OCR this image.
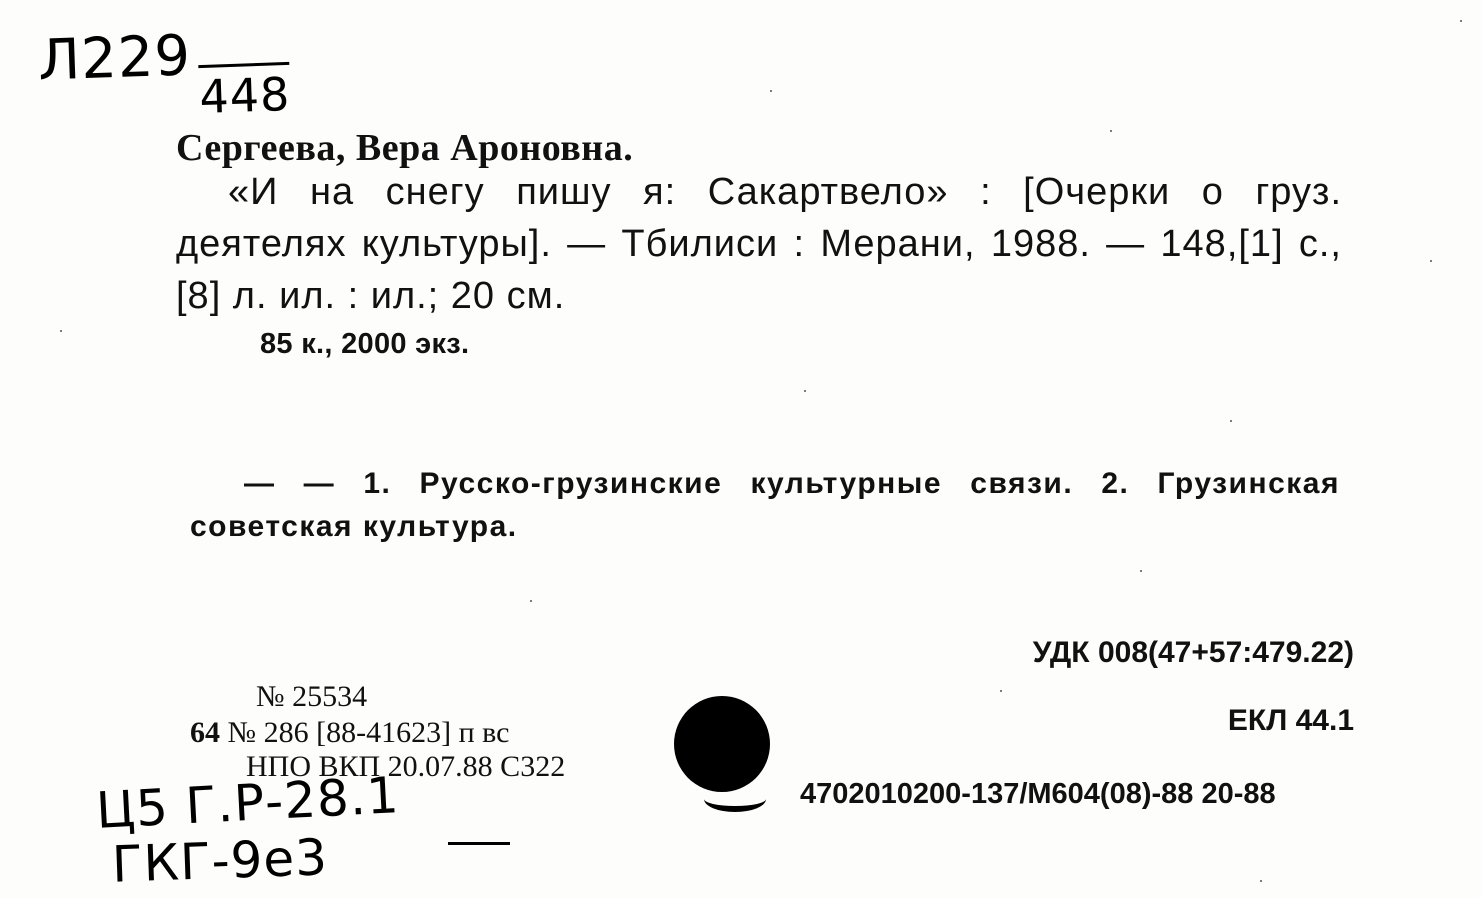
Л229
448
Сергеева, Вера Ароновна.
«И на снегу пишу я: Сакартвело» : [Очерки о груз. деятелях культуры]. — Тбилиси : Мерани, 1988. — 148,[1] с., [8] л. ил. : ил.; 20 см.
85 к., 2000 экз.
— — 1. Русско-грузинские культурные связи. 2. Грузинская советская культура.
УДК 008(47+57:479.22)
№ 25534
64 № 286 [88-41623] п вс	ЕКЛ 44.1
НПО ВКП 20.07.88 С322
4702010200-137/М604(08)-88 20-88
Ц5 Г.Р-28.1
ГКГ-9е3
